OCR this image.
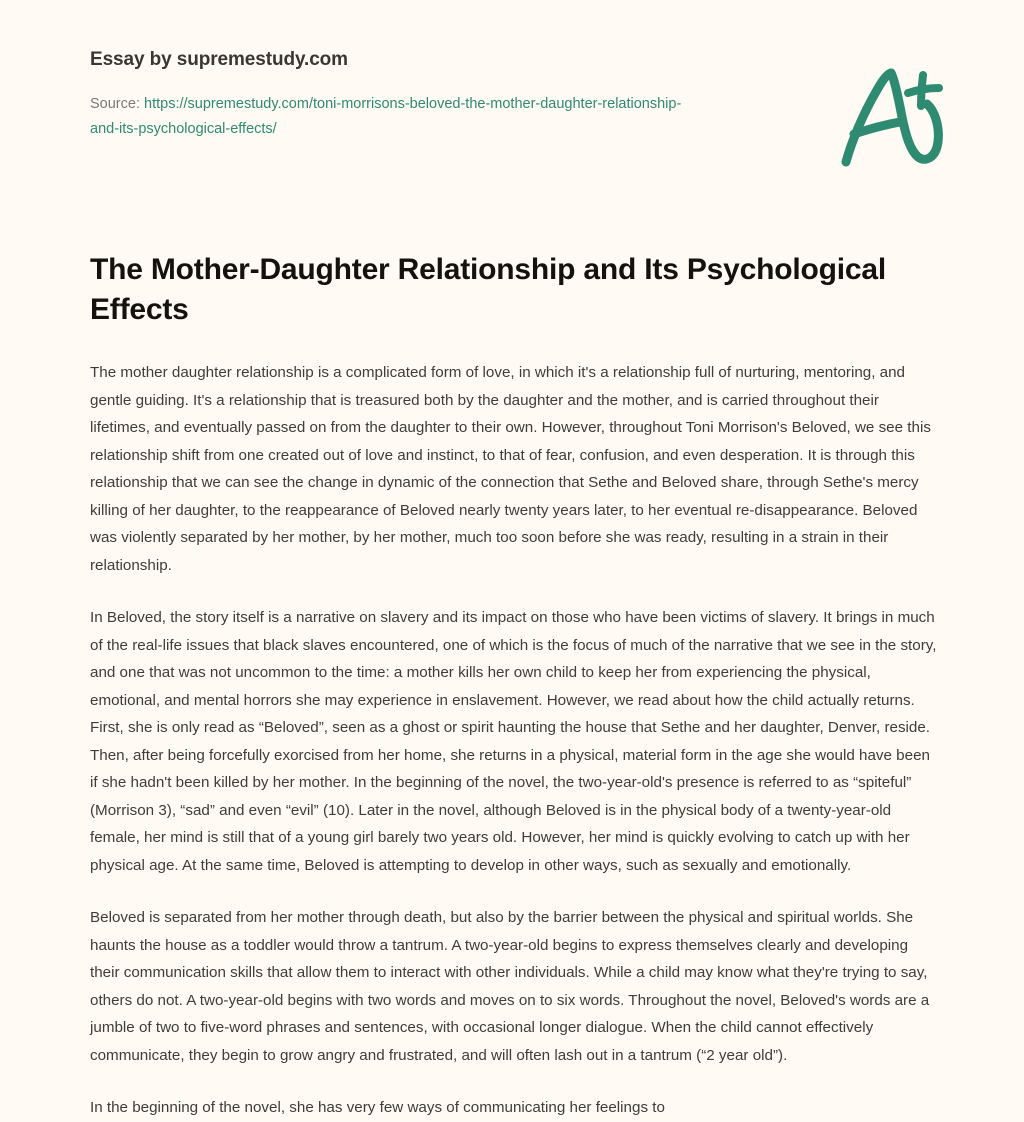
Essay by supremestudy.com
Source: https://supremestudy.com/toni-morrisons-beloved-the-mother-daughter-relationship-and-its-psychological-effects/
The Mother-Daughter Relationship and Its Psychological Effects

The mother daughter relationship is a complicated form of love, in which it's a relationship full of nurturing, mentoring, and gentle guiding. It's a relationship that is treasured both by the daughter and the mother, and is carried throughout their lifetimes, and eventually passed on from the daughter to their own. However, throughout Toni Morrison's Beloved, we see this relationship shift from one created out of love and instinct, to that of fear, confusion, and even desperation. It is through this relationship that we can see the change in dynamic of the connection that Sethe and Beloved share, through Sethe's mercy killing of her daughter, to the reappearance of Beloved nearly twenty years later, to her eventual re-disappearance. Beloved was violently separated by her mother, by her mother, much too soon before she was ready, resulting in a strain in their relationship.

In Beloved, the story itself is a narrative on slavery and its impact on those who have been victims of slavery. It brings in much of the real-life issues that black slaves encountered, one of which is the focus of much of the narrative that we see in the story, and one that was not uncommon to the time: a mother kills her own child to keep her from experiencing the physical, emotional, and mental horrors she may experience in enslavement. However, we read about how the child actually returns. First, she is only read as “Beloved”, seen as a ghost or spirit haunting the house that Sethe and her daughter, Denver, reside. Then, after being forcefully exorcised from her home, she returns in a physical, material form in the age she would have been if she hadn't been killed by her mother. In the beginning of the novel, the two-year-old's presence is referred to as “spiteful” (Morrison 3), “sad” and even “evil” (10). Later in the novel, although Beloved is in the physical body of a twenty-year-old female, her mind is still that of a young girl barely two years old. However, her mind is quickly evolving to catch up with her physical age. At the same time, Beloved is attempting to develop in other ways, such as sexually and emotionally.

Beloved is separated from her mother through death, but also by the barrier between the physical and spiritual worlds. She haunts the house as a toddler would throw a tantrum. A two-year-old begins to express themselves clearly and developing their communication skills that allow them to interact with other individuals. While a child may know what they're trying to say, others do not. A two-year-old begins with two words and moves on to six words. Throughout the novel, Beloved's words are a jumble of two to five-word phrases and sentences, with occasional longer dialogue. When the child cannot effectively communicate, they begin to grow angry and frustrated, and will often lash out in a tantrum (“2 year old”).

In the beginning of the novel, she has very few ways of communicating her feelings to
